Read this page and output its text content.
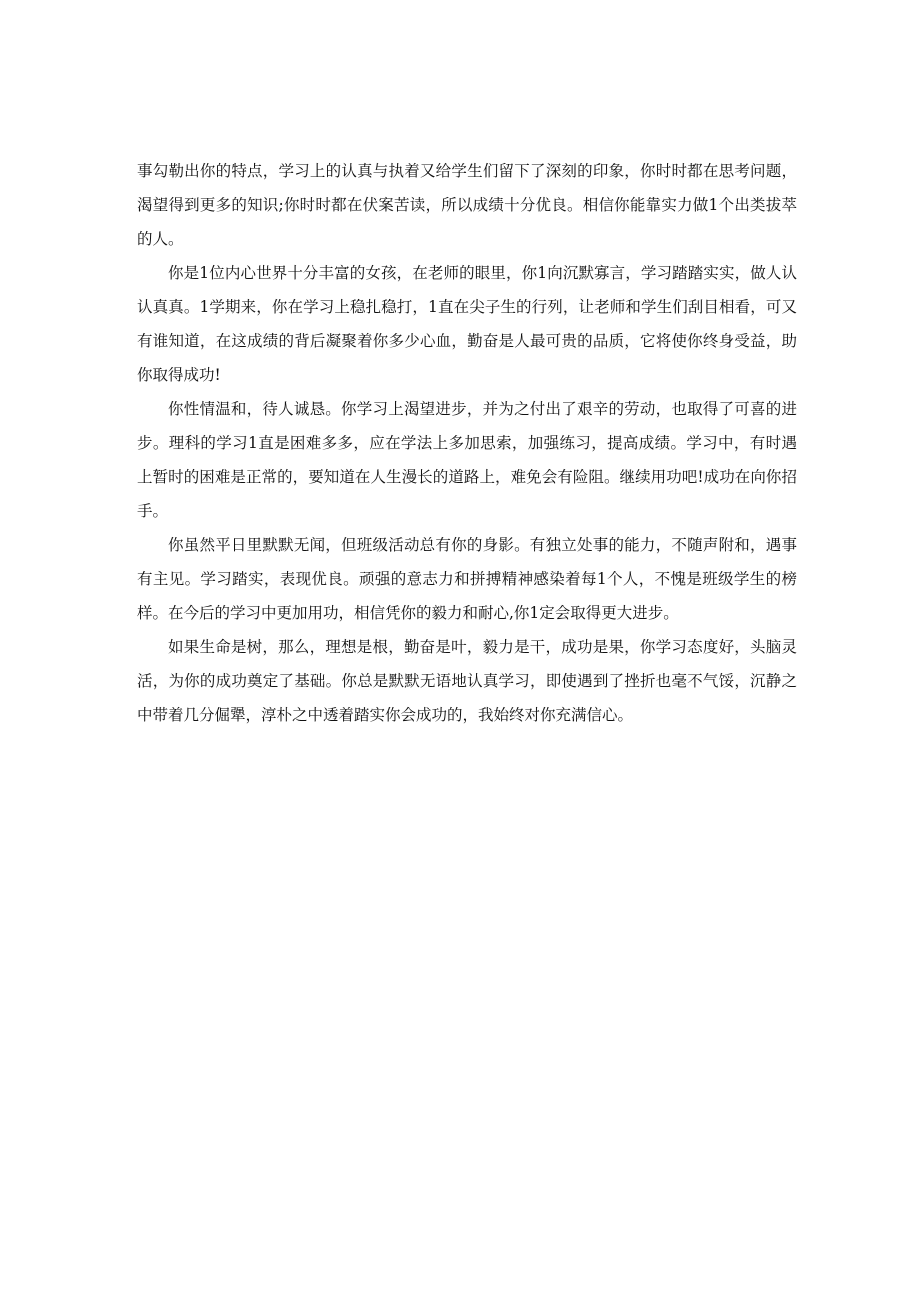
事勾勒出你的特点，学习上的认真与执着又给学生们留下了深刻的印象，你时时都在思考问题，渴望得到更多的知识;你时时都在伏案苦读，所以成绩十分优良。相信你能靠实力做1个出类拔萃的人。

你是1位内心世界十分丰富的女孩，在老师的眼里，你1向沉默寡言，学习踏踏实实，做人认认真真。1学期来，你在学习上稳扎稳打，1直在尖子生的行列，让老师和学生们刮目相看，可又有谁知道，在这成绩的背后凝聚着你多少心血，勤奋是人最可贵的品质，它将使你终身受益，助你取得成功!

你性情温和，待人诚恳。你学习上渴望进步，并为之付出了艰辛的劳动，也取得了可喜的进步。理科的学习1直是困难多多，应在学法上多加思索，加强练习，提高成绩。学习中，有时遇上暂时的困难是正常的，要知道在人生漫长的道路上，难免会有险阻。继续用功吧!成功在向你招手。

你虽然平日里默默无闻，但班级活动总有你的身影。有独立处事的能力，不随声附和，遇事有主见。学习踏实，表现优良。顽强的意志力和拼搏精神感染着每1个人，不愧是班级学生的榜样。在今后的学习中更加用功，相信凭你的毅力和耐心,你1定会取得更大进步。

如果生命是树，那么，理想是根，勤奋是叶，毅力是干，成功是果，你学习态度好，头脑灵活，为你的成功奠定了基础。你总是默默无语地认真学习，即使遇到了挫折也毫不气馁，沉静之中带着几分倔犟，淳朴之中透着踏实你会成功的，我始终对你充满信心。
